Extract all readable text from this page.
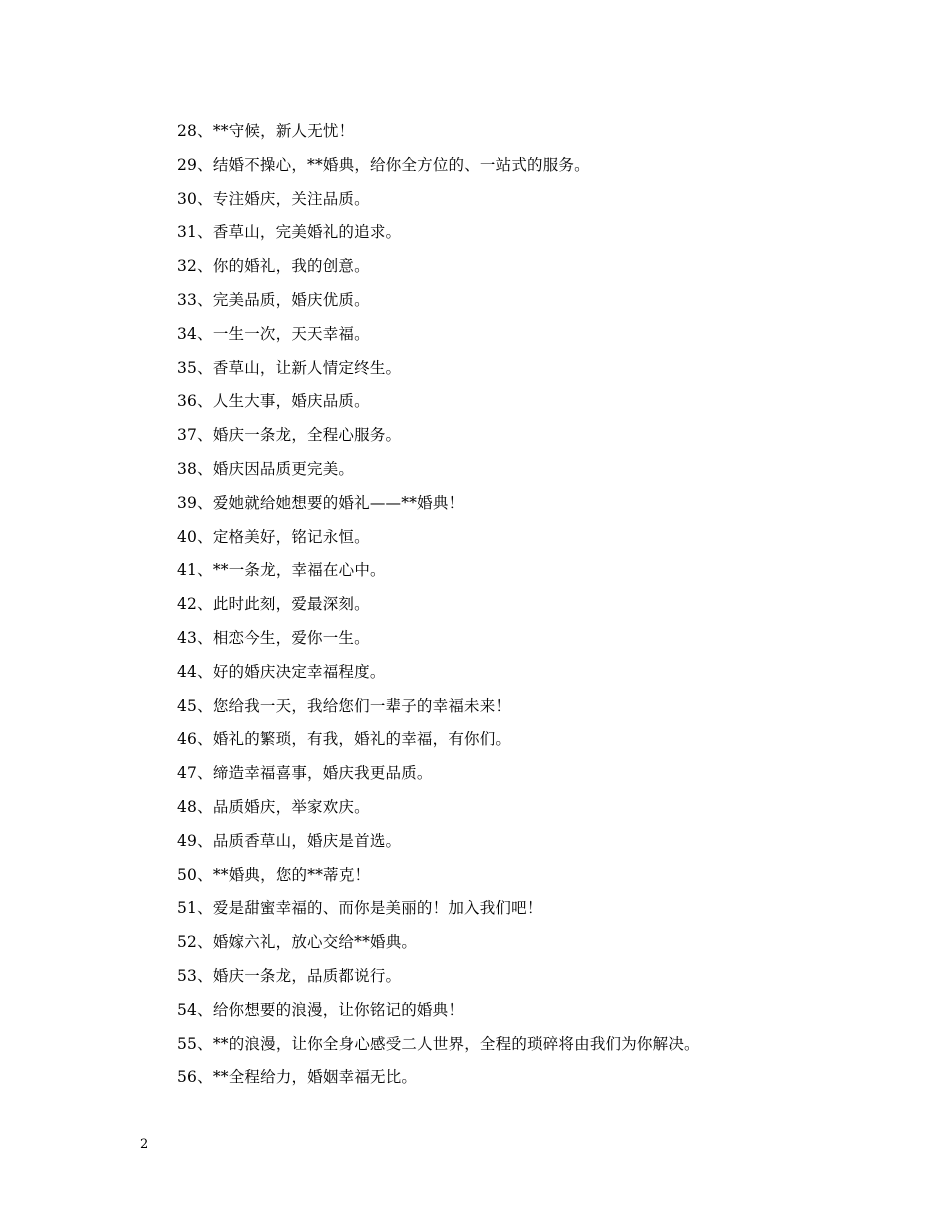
28、**守候，新人无忧！
29、结婚不操心，**婚典，给你全方位的、一站式的服务。
30、专注婚庆，关注品质。
31、香草山，完美婚礼的追求。
32、你的婚礼，我的创意。
33、完美品质，婚庆优质。
34、一生一次，天天幸福。
35、香草山，让新人情定终生。
36、人生大事，婚庆品质。
37、婚庆一条龙，全程心服务。
38、婚庆因品质更完美。
39、爱她就给她想要的婚礼——**婚典！
40、定格美好，铭记永恒。
41、**一条龙，幸福在心中。
42、此时此刻，爱最深刻。
43、相恋今生，爱你一生。
44、好的婚庆决定幸福程度。
45、您给我一天，我给您们一辈子的幸福未来！
46、婚礼的繁琐，有我，婚礼的幸福，有你们。
47、缔造幸福喜事，婚庆我更品质。
48、品质婚庆，举家欢庆。
49、品质香草山，婚庆是首选。
50、**婚典，您的**蒂克！
51、爱是甜蜜幸福的、而你是美丽的！加入我们吧！
52、婚嫁六礼，放心交给**婚典。
53、婚庆一条龙，品质都说行。
54、给你想要的浪漫，让你铭记的婚典！
55、**的浪漫，让你全身心感受二人世界，全程的琐碎将由我们为你解决。
56、**全程给力，婚姻幸福无比。
2
